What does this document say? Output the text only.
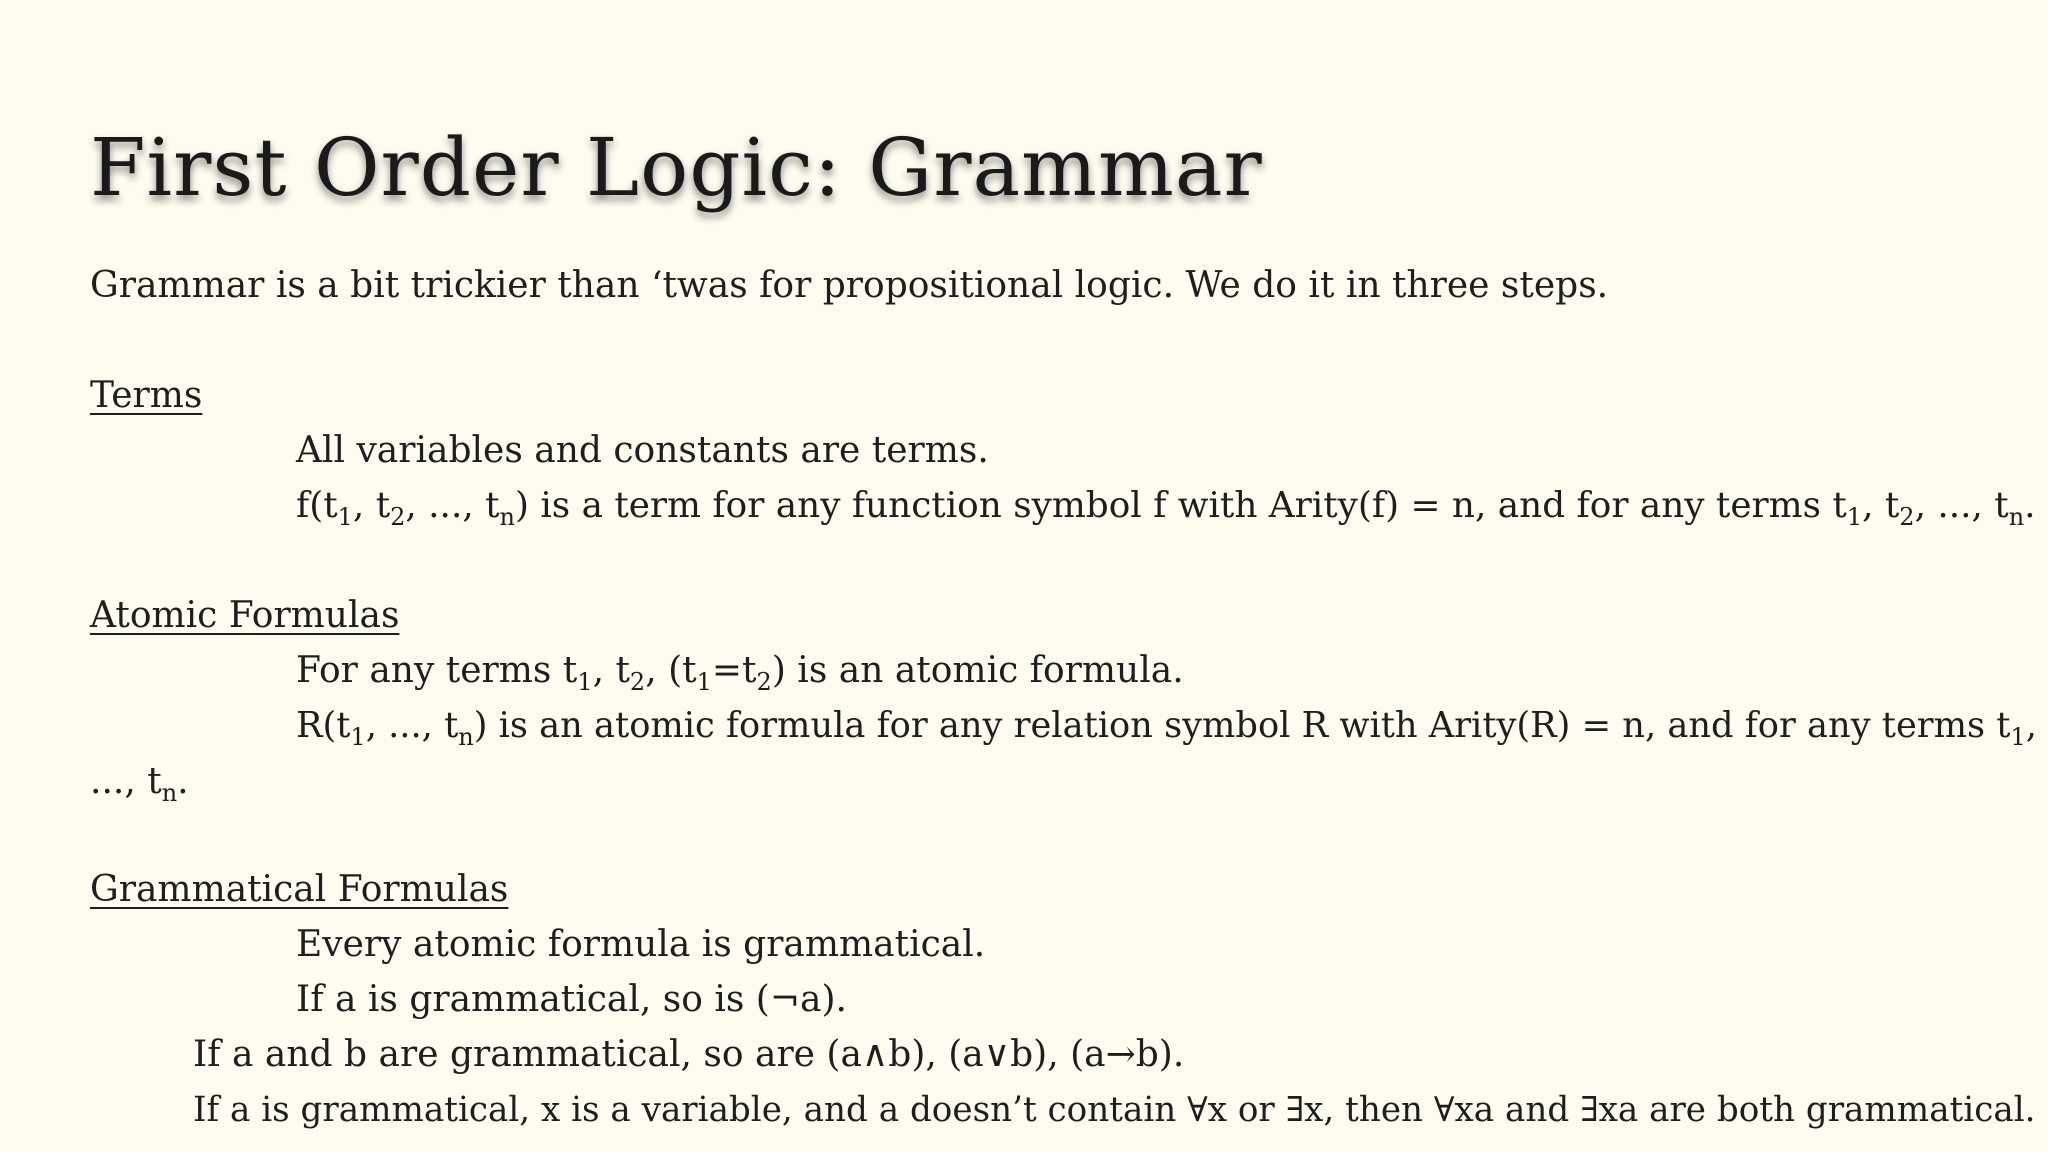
First Order Logic: Grammar

Grammar is a bit trickier than ‘twas for propositional logic. We do it in three steps.

Terms

All variables and constants are terms.

$f(t_1$, $t_2$, ..., $t_n$) is a term for any function symbol f with Arity(f) = n, and for any terms $t_1$, $t_2$, ..., $t_n$.

Atomic Formulas

For any terms $t_1$, $t_2$, $(t_1=t_2)$ is an atomic formula.

$R(t_1$, ..., $t_n$) is an atomic formula for any relation symbol R with Arity(R) = n, and for any terms $t_1$,

..., $t_n$.

Grammatical Formulas

Every atomic formula is grammatical.

If a is grammatical, so is (¬a).

If a and b are grammatical, so are (a∧b), (a∨b), (a→b).

If a is grammatical, x is a variable, and a doesn’t contain ∀x or ∃x, then ∀xa and ∃xa are both grammatical.
